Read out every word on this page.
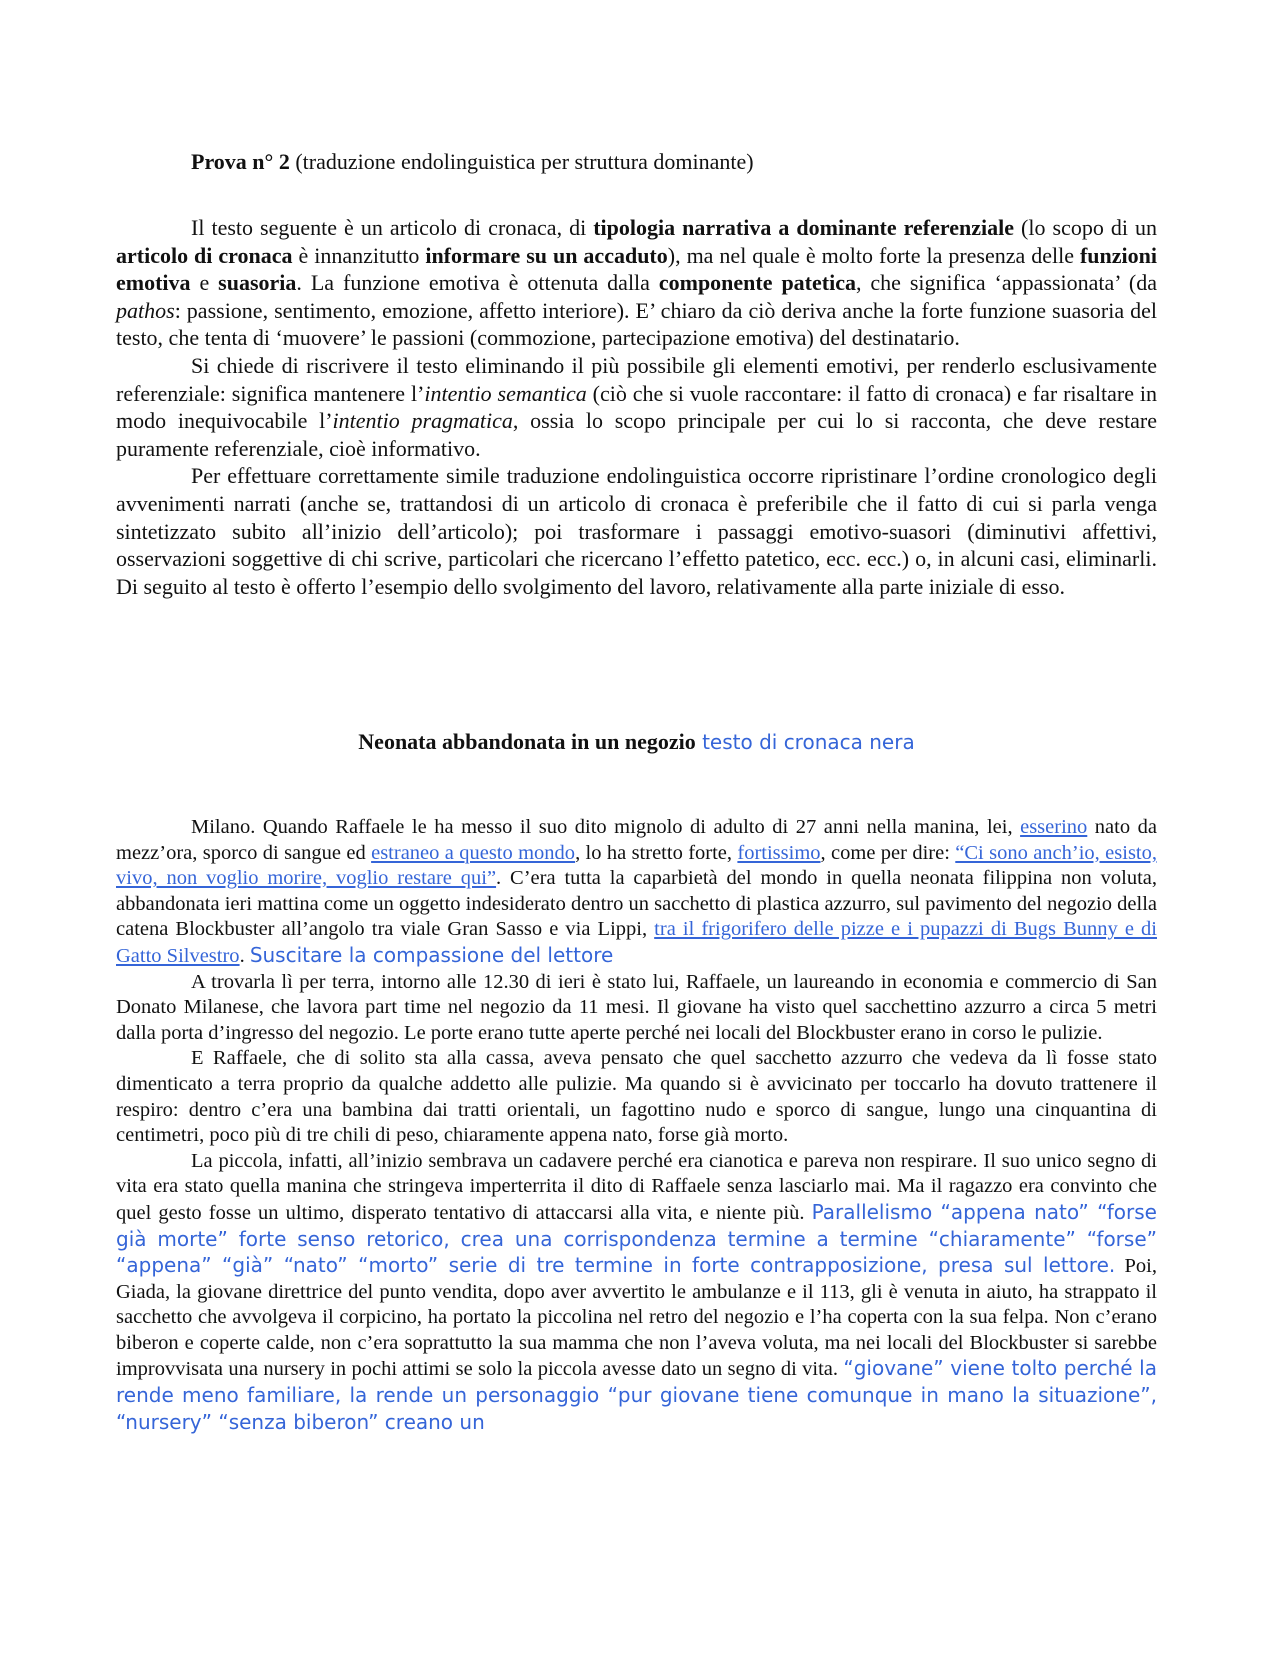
Prova n° 2 (traduzione endolinguistica per struttura dominante)

Il testo seguente è un articolo di cronaca, di tipologia narrativa a dominante referenziale (lo scopo di un articolo di cronaca è innanzitutto informare su un accaduto), ma nel quale è molto forte la presenza delle funzioni emotiva e suasoria. La funzione emotiva è ottenuta dalla componente patetica, che significa ‘appassionata’ (da pathos: passione, sentimento, emozione, affetto interiore). E’ chiaro da ciò deriva anche la forte funzione suasoria del testo, che tenta di ‘muovere’ le passioni (commozione, partecipazione emotiva) del destinatario.

Si chiede di riscrivere il testo eliminando il più possibile gli elementi emotivi, per renderlo esclusivamente referenziale: significa mantenere l’intentio semantica (ciò che si vuole raccontare: il fatto di cronaca) e far risaltare in modo inequivocabile l’intentio pragmatica, ossia lo scopo principale per cui lo si racconta, che deve restare puramente referenziale, cioè informativo.

Per effettuare correttamente simile traduzione endolinguistica occorre ripristinare l’ordine cronologico degli avvenimenti narrati (anche se, trattandosi di un articolo di cronaca è preferibile che il fatto di cui si parla venga sintetizzato subito all’inizio dell’articolo); poi trasformare i passaggi emotivo-suasori (diminutivi affettivi, osservazioni soggettive di chi scrive, particolari che ricercano l’effetto patetico, ecc. ecc.) o, in alcuni casi, eliminarli. Di seguito al testo è offerto l’esempio dello svolgimento del lavoro, relativamente alla parte iniziale di esso.

Neonata abbandonata in un negozio testo di cronaca nera

Milano. Quando Raffaele le ha messo il suo dito mignolo di adulto di 27 anni nella manina, lei, esserino nato da mezz’ora, sporco di sangue ed estraneo a questo mondo, lo ha stretto forte, fortissimo, come per dire: “Ci sono anch’io, esisto, vivo, non voglio morire, voglio restare qui”. C’era tutta la caparbietà del mondo in quella neonata filippina non voluta, abbandonata ieri mattina come un oggetto indesiderato dentro un sacchetto di plastica azzurro, sul pavimento del negozio della catena Blockbuster all’angolo tra viale Gran Sasso e via Lippi, tra il frigorifero delle pizze e i pupazzi di Bugs Bunny e di Gatto Silvestro. Suscitare la compassione del lettore

A trovarla lì per terra, intorno alle 12.30 di ieri è stato lui, Raffaele, un laureando in economia e commercio di San Donato Milanese, che lavora part time nel negozio da 11 mesi. Il giovane ha visto quel sacchettino azzurro a circa 5 metri dalla porta d’ingresso del negozio. Le porte erano tutte aperte perché nei locali del Blockbuster erano in corso le pulizie.

E Raffaele, che di solito sta alla cassa, aveva pensato che quel sacchetto azzurro che vedeva da lì fosse stato dimenticato a terra proprio da qualche addetto alle pulizie. Ma quando si è avvicinato per toccarlo ha dovuto trattenere il respiro: dentro c’era una bambina dai tratti orientali, un fagottino nudo e sporco di sangue, lungo una cinquantina di centimetri, poco più di tre chili di peso, chiaramente appena nato, forse già morto.

La piccola, infatti, all’inizio sembrava un cadavere perché era cianotica e pareva non respirare. Il suo unico segno di vita era stato quella manina che stringeva imperterrita il dito di Raffaele senza lasciarlo mai. Ma il ragazzo era convinto che quel gesto fosse un ultimo, disperato tentativo di attaccarsi alla vita, e niente più. Parallelismo “appena nato” “forse già morte” forte senso retorico, crea una corrispondenza termine a termine “chiaramente” “forse” “appena” “già” “nato” “morto” serie di tre termine in forte contrapposizione, presa sul lettore. Poi, Giada, la giovane direttrice del punto vendita, dopo aver avvertito le ambulanze e il 113, gli è venuta in aiuto, ha strappato il sacchetto che avvolgeva il corpicino, ha portato la piccolina nel retro del negozio e l’ha coperta con la sua felpa. Non c’erano biberon e coperte calde, non c’era soprattutto la sua mamma che non l’aveva voluta, ma nei locali del Blockbuster si sarebbe improvvisata una nursery in pochi attimi se solo la piccola avesse dato un segno di vita. “giovane” viene tolto perché la rende meno familiare, la rende un personaggio “pur giovane tiene comunque in mano la situazione”, “nursery” “senza biberon” creano un
